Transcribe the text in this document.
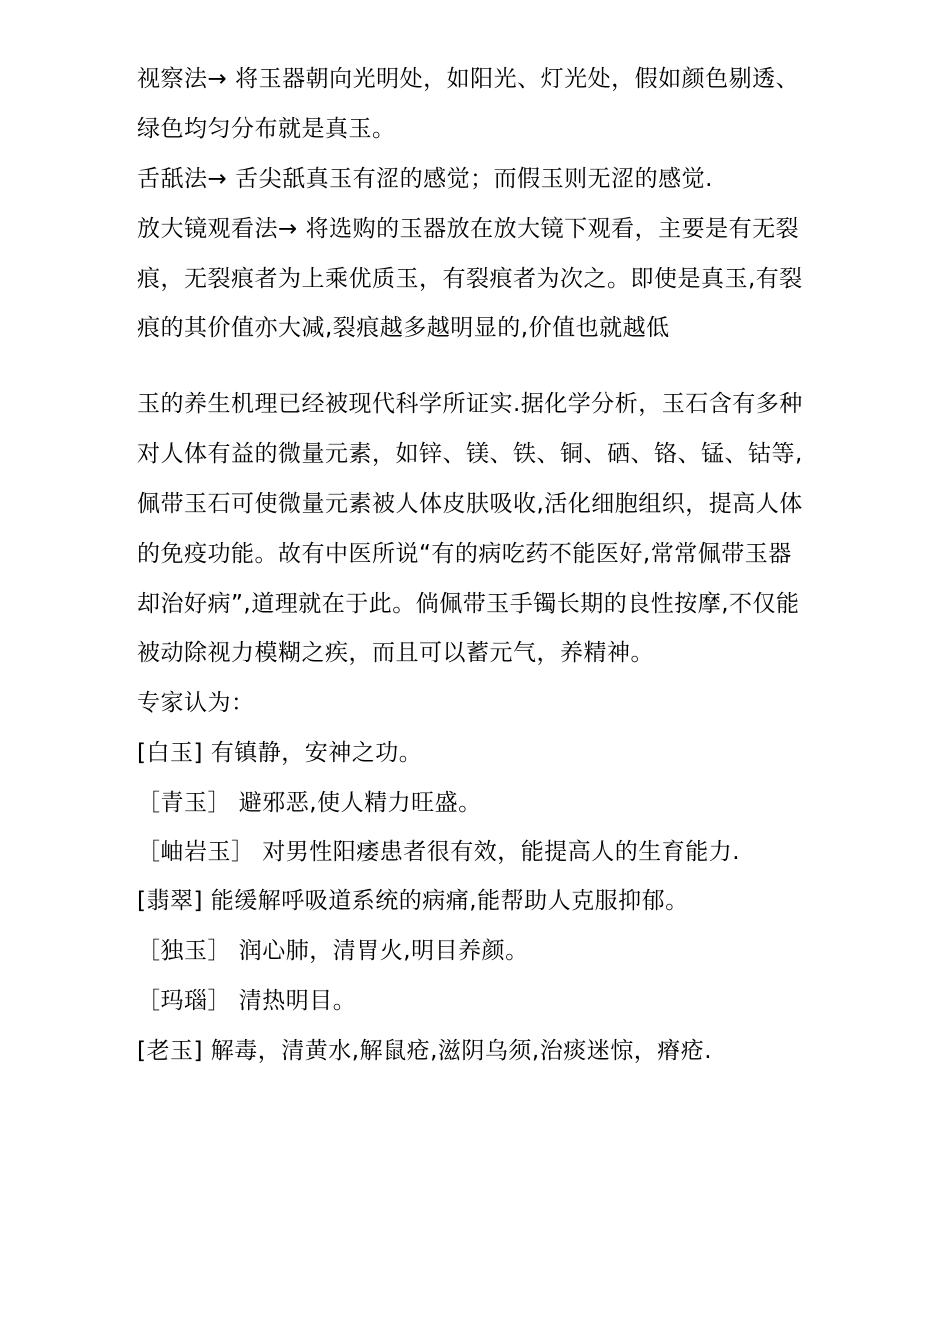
视察法→ 将玉器朝向光明处，如阳光、灯光处，假如颜色剔透、
绿色均匀分布就是真玉。
舌舐法→ 舌尖舐真玉有涩的感觉；而假玉则无涩的感觉.
放大镜观看法→ 将选购的玉器放在放大镜下观看，主要是有无裂
痕，无裂痕者为上乘优质玉，有裂痕者为次之。即使是真玉,有裂
痕的其价值亦大减,裂痕越多越明显的,价值也就越低
玉的养生机理已经被现代科学所证实.据化学分析，玉石含有多种
对人体有益的微量元素，如锌、镁、铁、铜、硒、铬、锰、钴等,
佩带玉石可使微量元素被人体皮肤吸收,活化细胞组织，提高人体
的免疫功能。故有中医所说“有的病吃药不能医好,常常佩带玉器
却治好病”,道理就在于此。倘佩带玉手镯长期的良性按摩,不仅能
被动除视力模糊之疾，而且可以蓄元气，养精神。
专家认为：
[白玉] 有镇静，安神之功。
［青玉］ 避邪恶,使人精力旺盛。
［岫岩玉］ 对男性阳痿患者很有效，能提高人的生育能力.
[翡翠] 能缓解呼吸道系统的病痛,能帮助人克服抑郁。
［独玉］ 润心肺，清胃火,明目养颜。
［玛瑙］ 清热明目。
[老玉] 解毒，清黄水,解鼠疮,滋阴乌须,治痰迷惊，瘠疮.
